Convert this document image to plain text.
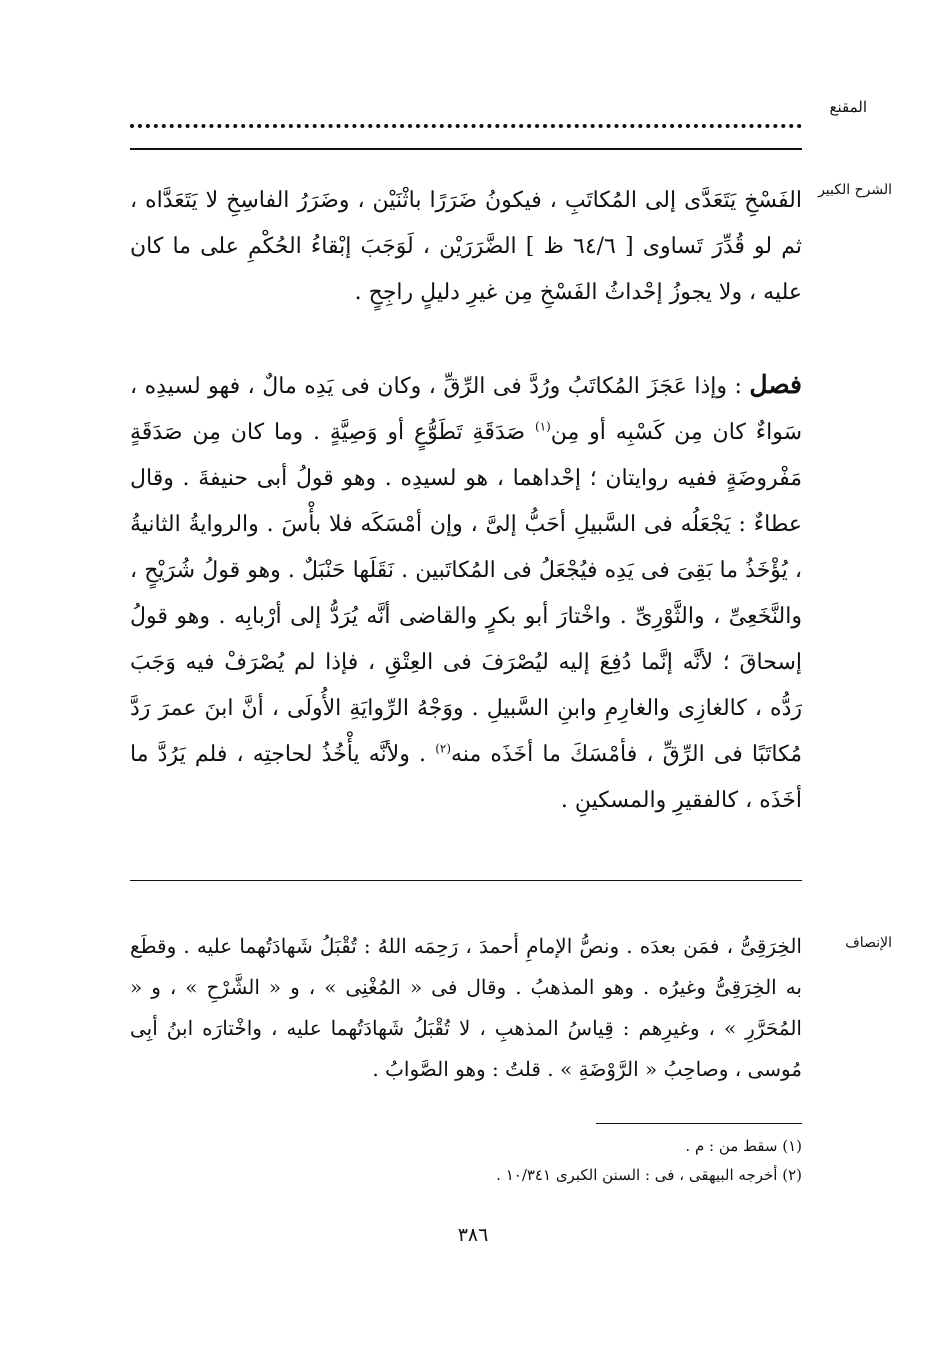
المقنع
الشرح الكبير
الفَسْخِ يَتَعَدَّى إلى المُكاتَبِ ، فيكونُ ضَرَرًا باثْنَيْن ، وضَرَرُ الفاسِخِ لا يَتَعَدَّاه ، ثم لو قُدِّرَ تَساوى [ ٦٤/٦ ظ ] الضَّرَرَيْن ، لَوَجَبَ إبْقاءُ الحُكْمِ على ما كان عليه ، ولا يجوزُ إحْداثُ الفَسْخِ مِن غيرِ دليلٍ راجِحٍ .
فصل : وإذا عَجَزَ المُكاتَبُ ورُدَّ فى الرِّقِّ ، وكان فى يَدِه مالٌ ، فهو لسيدِه ، سَواءٌ كان مِن كَسْبِه أو مِن$^{(١)}$ صَدَقَةِ تَطَوُّعٍ أو وَصِيَّةٍ . وما كان مِن صَدَقَةٍ مَفْروضَةٍ ففيه روايتان ؛ إحْداهما ، هو لسيدِه . وهو قولُ أبى حنيفةَ . وقال عطاءٌ : يَجْعَلُه فى السَّبيلِ أحَبُّ إلىَّ ، وإن أمْسَكَه فلا بأْسَ . والروايةُ الثانيةُ ، يُؤْخَذُ ما بَقِىَ فى يَدِه فيُجْعَلُ فى المُكاتَبين . نَقَلَها حَنْبَلٌ . وهو قولُ شُرَيْحٍ ، والنَّخَعِىِّ ، والثَّوْرِىِّ . واخْتارَ أبو بكرٍ والقاضى أنَّه يُرَدُّ إلى أرْبابِه . وهو قولُ إسحاقَ ؛ لأنَّه إنَّما دُفِعَ إليه ليُصْرَفَ فى العِتْقِ ، فإذا لم يُصْرَفْ فيه وَجَبَ رَدُّه ، كالغازِى والغارِمِ وابنِ السَّبيلِ . ووَجْهُ الرِّوايَةِ الأُولَى ، أنَّ ابنَ عمرَ رَدَّ مُكاتَبًا فى الرِّقِّ ، فأمْسَكَ ما أخَذَه منه$^{(٢)}$ . ولأنَّه يأْخُذُ لحاجتِه ، فلم يَرُدَّ ما أخَذَه ، كالفقيرِ والمسكينِ .
الإنصاف
الخِرَقِىُّ ، فمَن بعدَه . ونصُّ الإمامِ أحمدَ ، رَحِمَه اللهُ : تُقْبَلُ شَهادَتُهما عليه . وقطَع به الخِرَقِىُّ وغيرُه . وهو المذهبُ . وقال فى « المُغْنِى » ، و « الشَّرْحِ » ، و « المُحَرَّرِ » ، وغيرِهم : قِياسُ المذهبِ ، لا تُقْبَلُ شَهادَتُهما عليه ، واخْتارَه ابنُ أبِى مُوسى ، وصاحِبُ « الرَّوْضَةِ » . قلتُ : وهو الصَّوابُ .
(١) سقط من : م .
(٢) أخرجه البيهقى ، فى : السنن الكبرى ١٠/٣٤١ .
٣٨٦
